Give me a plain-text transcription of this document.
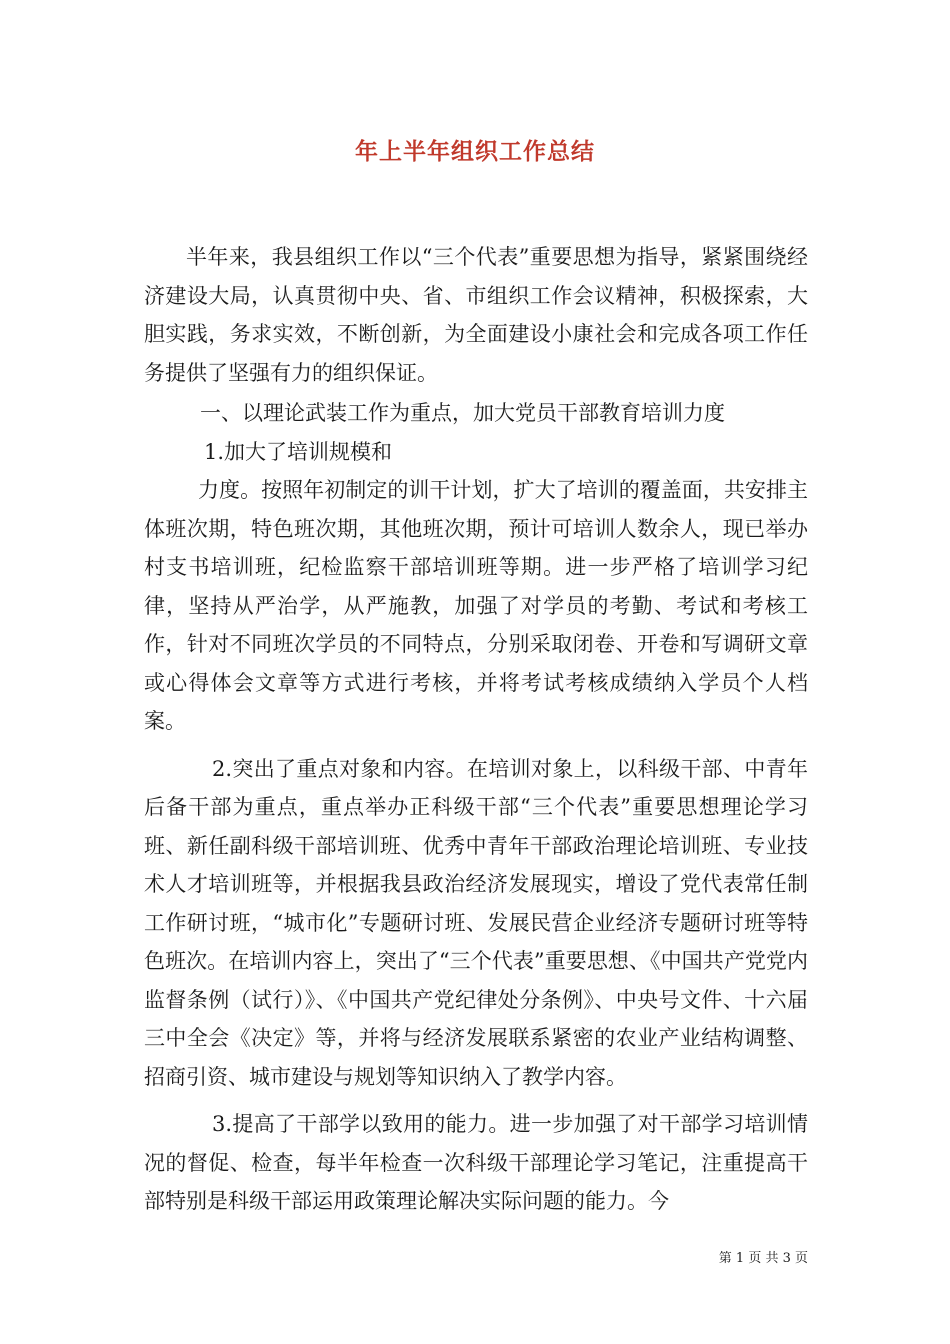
年上半年组织工作总结

半年来，我县组织工作以“三个代表”重要思想为指导，紧紧围绕经济建设大局，认真贯彻中央、省、市组织工作会议精神，积极探索，大胆实践，务求实效，不断创新，为全面建设小康社会和完成各项工作任务提供了坚强有力的组织保证。

一、以理论武装工作为重点，加大党员干部教育培训力度

1.加大了培训规模和

力度。按照年初制定的训干计划，扩大了培训的覆盖面，共安排主体班次期，特色班次期，其他班次期，预计可培训人数余人，现已举办村支书培训班，纪检监察干部培训班等期。进一步严格了培训学习纪律，坚持从严治学，从严施教，加强了对学员的考勤、考试和考核工作，针对不同班次学员的不同特点，分别采取闭卷、开卷和写调研文章或心得体会文章等方式进行考核，并将考试考核成绩纳入学员个人档案。

2.突出了重点对象和内容。在培训对象上，以科级干部、中青年后备干部为重点，重点举办正科级干部“三个代表”重要思想理论学习班、新任副科级干部培训班、优秀中青年干部政治理论培训班、专业技术人才培训班等，并根据我县政治经济发展现实，增设了党代表常任制工作研讨班，“城市化”专题研讨班、发展民营企业经济专题研讨班等特色班次。在培训内容上，突出了“三个代表”重要思想、《中国共产党党内监督条例（试行）》、《中国共产党纪律处分条例》、中央号文件、十六届三中全会《决定》等，并将与经济发展联系紧密的农业产业结构调整、招商引资、城市建设与规划等知识纳入了教学内容。

3.提高了干部学以致用的能力。进一步加强了对干部学习培训情况的督促、检查，每半年检查一次科级干部理论学习笔记，注重提高干部特别是科级干部运用政策理论解决实际问题的能力。今

第 1 页 共 3 页
